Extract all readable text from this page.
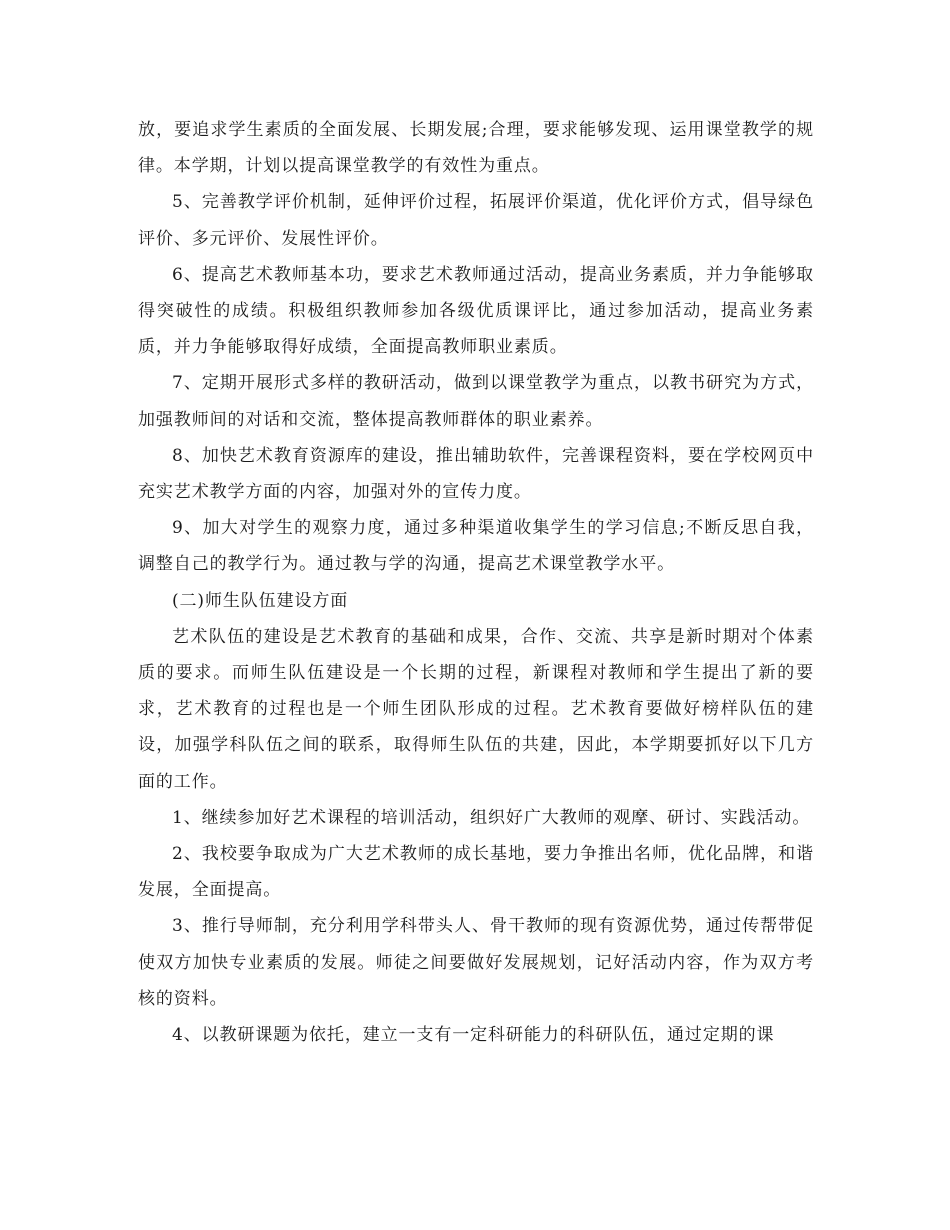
放，要追求学生素质的全面发展、长期发展;合理，要求能够发现、运用课堂教学的规律。本学期，计划以提高课堂教学的有效性为重点。

5、完善教学评价机制，延伸评价过程，拓展评价渠道，优化评价方式，倡导绿色评价、多元评价、发展性评价。

6、提高艺术教师基本功，要求艺术教师通过活动，提高业务素质，并力争能够取得突破性的成绩。积极组织教师参加各级优质课评比，通过参加活动，提高业务素质，并力争能够取得好成绩，全面提高教师职业素质。

7、定期开展形式多样的教研活动，做到以课堂教学为重点，以教书研究为方式，加强教师间的对话和交流，整体提高教师群体的职业素养。

8、加快艺术教育资源库的建设，推出辅助软件，完善课程资料，要在学校网页中充实艺术教学方面的内容，加强对外的宣传力度。

9、加大对学生的观察力度，通过多种渠道收集学生的学习信息;不断反思自我，调整自己的教学行为。通过教与学的沟通，提高艺术课堂教学水平。

(二)师生队伍建设方面

艺术队伍的建设是艺术教育的基础和成果，合作、交流、共享是新时期对个体素质的要求。而师生队伍建设是一个长期的过程，新课程对教师和学生提出了新的要求，艺术教育的过程也是一个师生团队形成的过程。艺术教育要做好榜样队伍的建设，加强学科队伍之间的联系，取得师生队伍的共建，因此，本学期要抓好以下几方面的工作。

1、继续参加好艺术课程的培训活动，组织好广大教师的观摩、研讨、实践活动。

2、我校要争取成为广大艺术教师的成长基地，要力争推出名师，优化品牌，和谐发展，全面提高。

3、推行导师制，充分利用学科带头人、骨干教师的现有资源优势，通过传帮带促使双方加快专业素质的发展。师徒之间要做好发展规划，记好活动内容，作为双方考核的资料。

4、以教研课题为依托，建立一支有一定科研能力的科研队伍，通过定期的课
